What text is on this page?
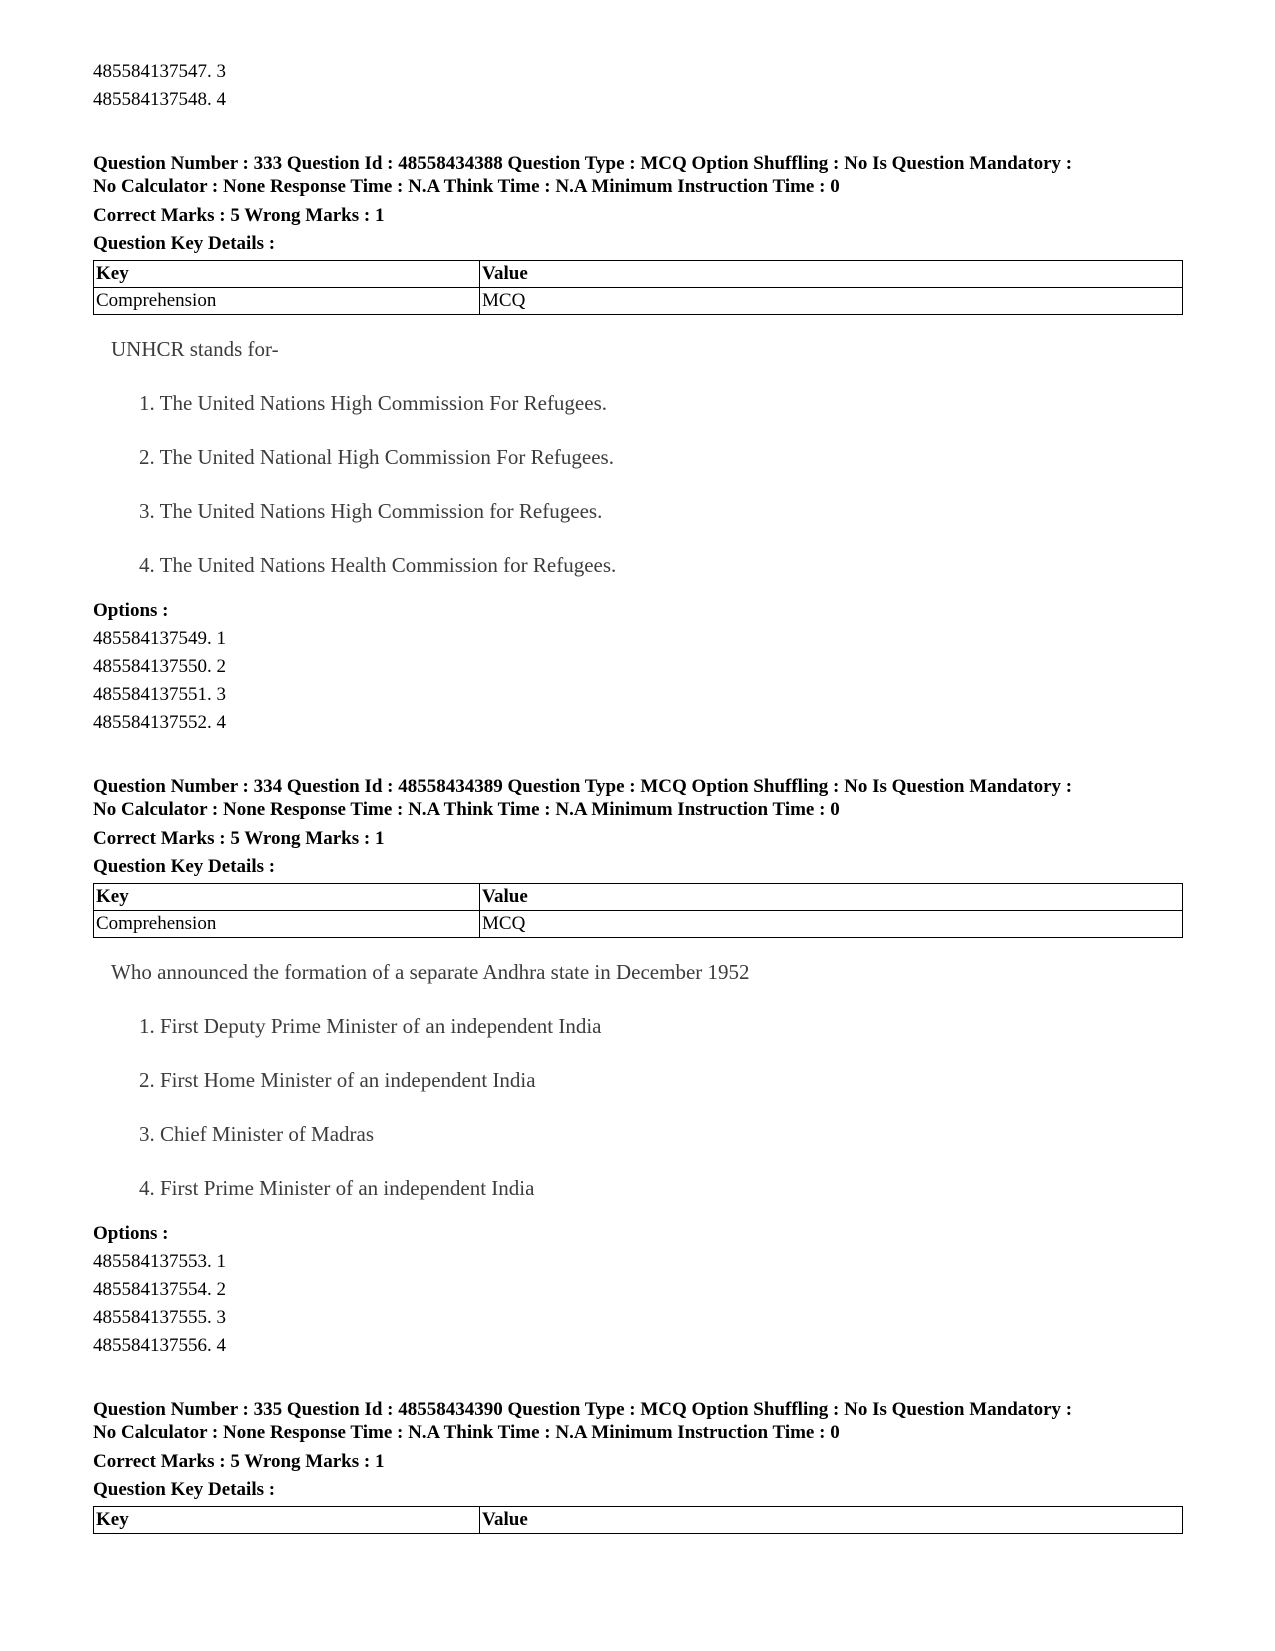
485584137547. 3
485584137548. 4
Question Number : 333 Question Id : 48558434388 Question Type : MCQ Option Shuffling : No Is Question Mandatory :
No Calculator : None Response Time : N.A Think Time : N.A Minimum Instruction Time : 0
Correct Marks : 5 Wrong Marks : 1
Question Key Details :
Key	Value
Comprehension	MCQ
UNHCR stands for-
1. The United Nations High Commission For Refugees.
2. The United National High Commission For Refugees.
3. The United Nations High Commission for Refugees.
4. The United Nations Health Commission for Refugees.
Options :
485584137549. 1
485584137550. 2
485584137551. 3
485584137552. 4
Question Number : 334 Question Id : 48558434389 Question Type : MCQ Option Shuffling : No Is Question Mandatory :
No Calculator : None Response Time : N.A Think Time : N.A Minimum Instruction Time : 0
Correct Marks : 5 Wrong Marks : 1
Question Key Details :
Key	Value
Comprehension	MCQ
Who announced the formation of a separate Andhra state in December 1952
1. First Deputy Prime Minister of an independent India
2. First Home Minister of an independent India
3. Chief Minister of Madras
4. First Prime Minister of an independent India
Options :
485584137553. 1
485584137554. 2
485584137555. 3
485584137556. 4
Question Number : 335 Question Id : 48558434390 Question Type : MCQ Option Shuffling : No Is Question Mandatory :
No Calculator : None Response Time : N.A Think Time : N.A Minimum Instruction Time : 0
Correct Marks : 5 Wrong Marks : 1
Question Key Details :
Key	Value
